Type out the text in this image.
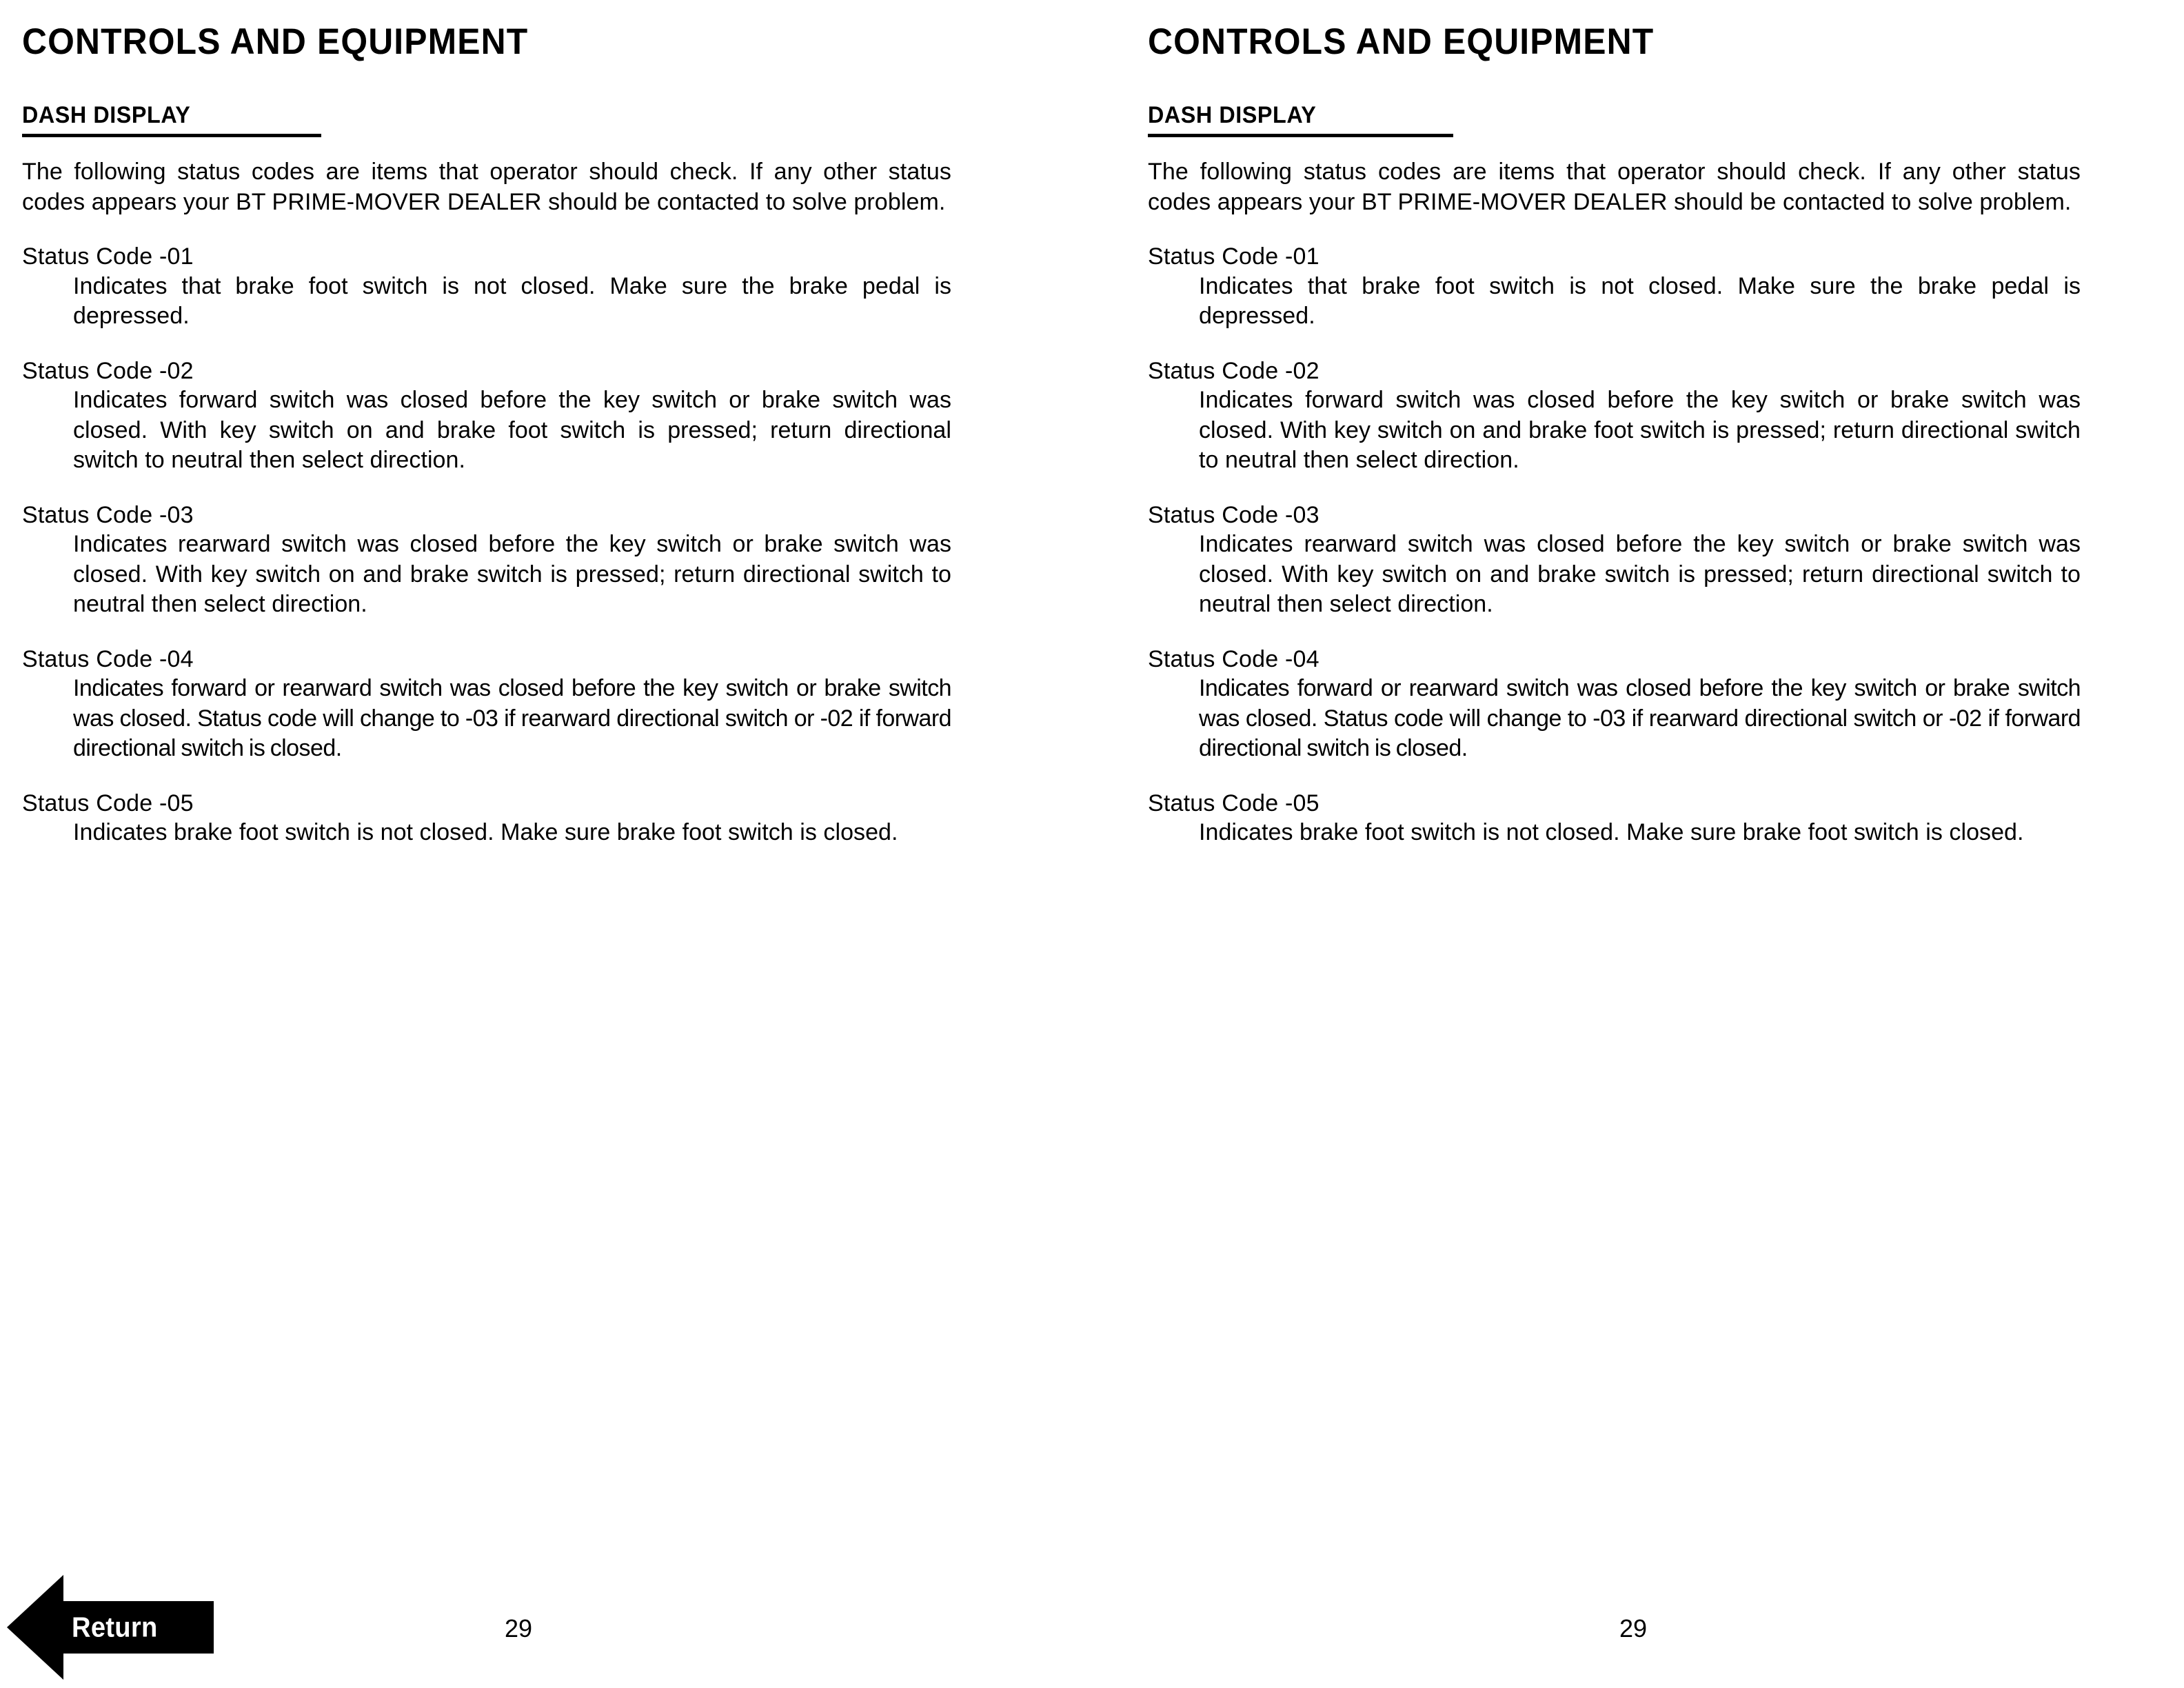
CONTROLS AND EQUIPMENT
DASH DISPLAY

The following status codes are items that operator should check. If any other status codes appears your BT PRIME-MOVER DEALER should be contacted to solve problem.

Status Code -01

Indicates that brake foot switch is not closed. Make sure the brake pedal is depressed.

Status Code -02

Indicates forward switch was closed before the key switch or brake switch was closed. With key switch on and brake foot switch is pressed; return directional switch to neutral then select direction.

Status Code -03

Indicates rearward switch was closed before the key switch or brake switch was closed. With key switch on and brake switch is pressed; return directional switch to neutral then select direction.

Status Code -04

Indicates forward or rearward switch was closed before the key switch or brake switch was closed. Status code will change to -03 if rearward directional switch or -02 if forward directional switch is closed.

Status Code -05

Indicates brake foot switch is not closed. Make sure brake foot switch is closed.

29
CONTROLS AND EQUIPMENT
DASH DISPLAY

The following status codes are items that operator should check. If any other status codes appears your BT PRIME-MOVER DEALER should be contacted to solve problem.

Status Code -01

Indicates that brake foot switch is not closed. Make sure the brake pedal is depressed.

Status Code -02

Indicates forward switch was closed before the key switch or brake switch was closed. With key switch on and brake foot switch is pressed; return directional switch to neutral then select direction.

Status Code -03

Indicates rearward switch was closed before the key switch or brake switch was closed. With key switch on and brake switch is pressed; return directional switch to neutral then select direction.

Status Code -04

Indicates forward or rearward switch was closed before the key switch or brake switch was closed. Status code will change to -03 if rearward directional switch or -02 if forward directional switch is closed.

Status Code -05

Indicates brake foot switch is not closed. Make sure brake foot switch is closed.

29
Return
